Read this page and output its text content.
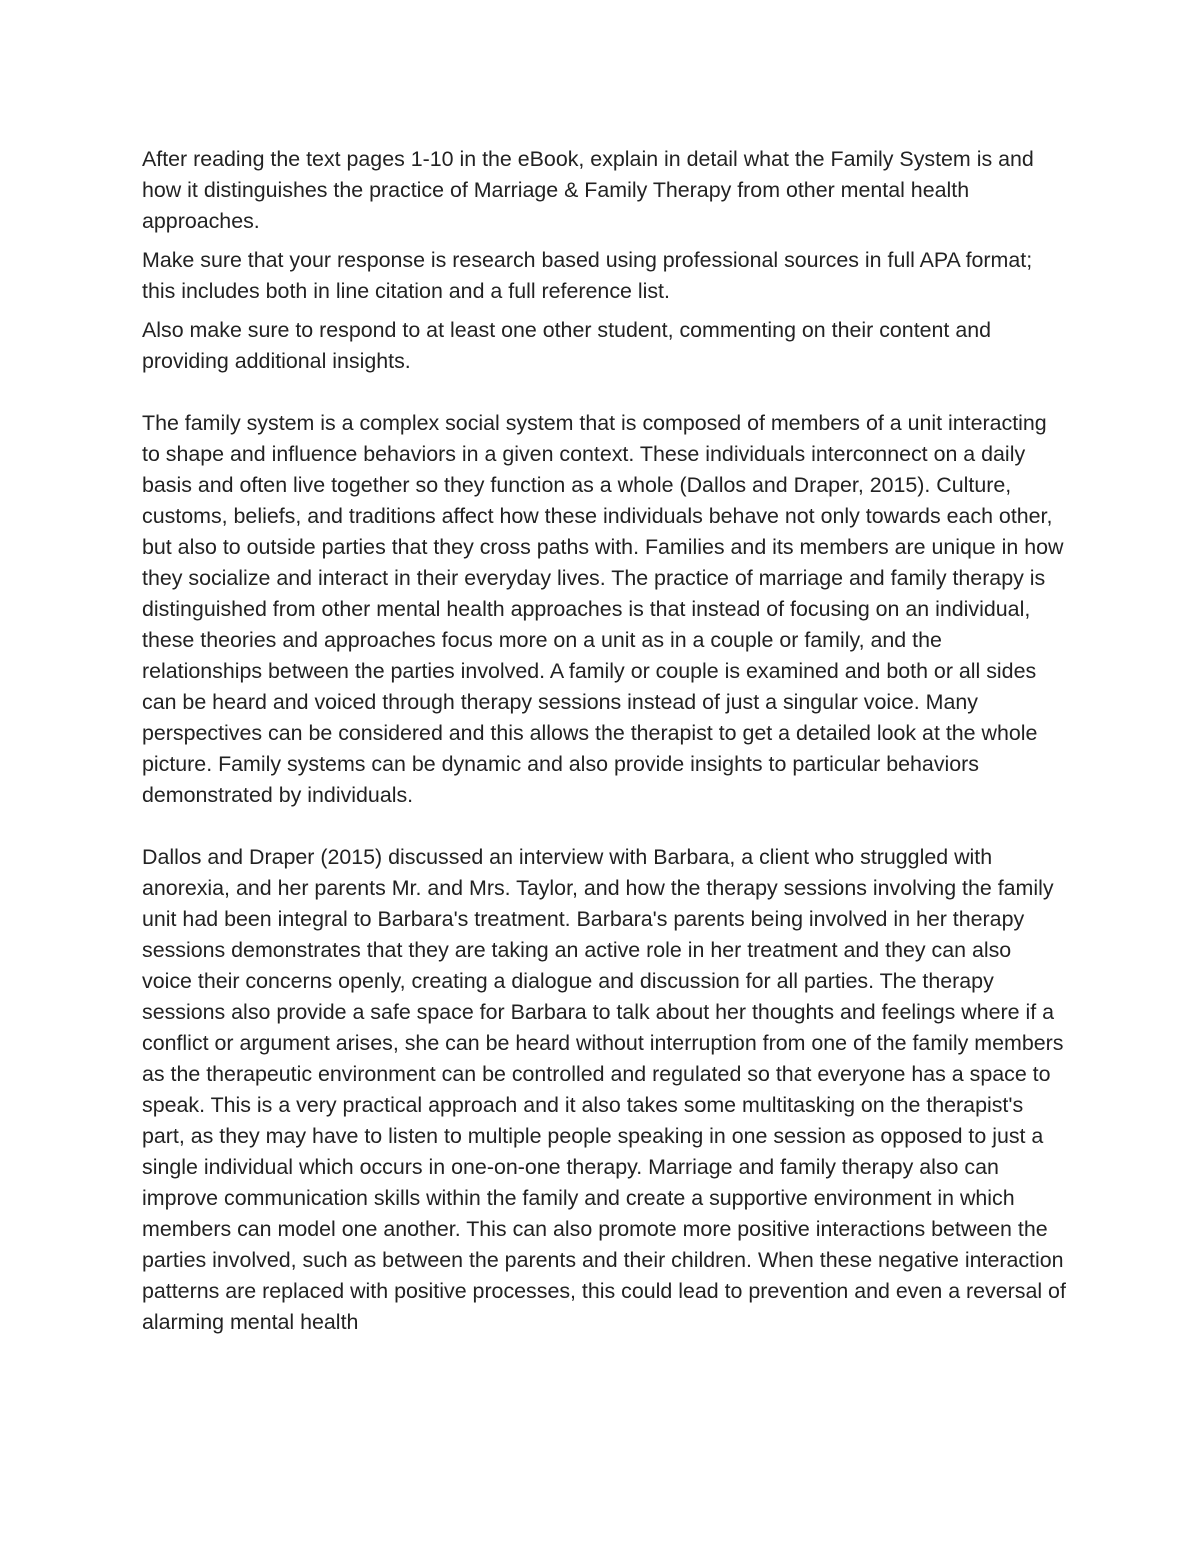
After reading the text pages 1-10 in the eBook, explain in detail what the Family System is and how it distinguishes the practice of Marriage & Family Therapy from other mental health approaches.

Make sure that your response is research based using professional sources in full APA format; this includes both in line citation and a full reference list.

Also make sure to respond to at least one other student, commenting on their content and providing additional insights.

The family system is a complex social system that is composed of members of a unit interacting to shape and influence behaviors in a given context. These individuals interconnect on a daily basis and often live together so they function as a whole (Dallos and Draper, 2015). Culture, customs, beliefs, and traditions affect how these individuals behave not only towards each other, but also to outside parties that they cross paths with. Families and its members are unique in how they socialize and interact in their everyday lives. The practice of marriage and family therapy is distinguished from other mental health approaches is that instead of focusing on an individual, these theories and approaches focus more on a unit as in a couple or family, and the relationships between the parties involved. A family or couple is examined and both or all sides can be heard and voiced through therapy sessions instead of just a singular voice. Many perspectives can be considered and this allows the therapist to get a detailed look at the whole picture. Family systems can be dynamic and also provide insights to particular behaviors demonstrated by individuals.

Dallos and Draper (2015) discussed an interview with Barbara, a client who struggled with anorexia, and her parents Mr. and Mrs. Taylor, and how the therapy sessions involving the family unit had been integral to Barbara's treatment. Barbara's parents being involved in her therapy sessions demonstrates that they are taking an active role in her treatment and they can also voice their concerns openly, creating a dialogue and discussion for all parties. The therapy sessions also provide a safe space for Barbara to talk about her thoughts and feelings where if a conflict or argument arises, she can be heard without interruption from one of the family members as the therapeutic environment can be controlled and regulated so that everyone has a space to speak. This is a very practical approach and it also takes some multitasking on the therapist's part, as they may have to listen to multiple people speaking in one session as opposed to just a single individual which occurs in one-on-one therapy. Marriage and family therapy also can improve communication skills within the family and create a supportive environment in which members can model one another. This can also promote more positive interactions between the parties involved, such as between the parents and their children. When these negative interaction patterns are replaced with positive processes, this could lead to prevention and even a reversal of alarming mental health
